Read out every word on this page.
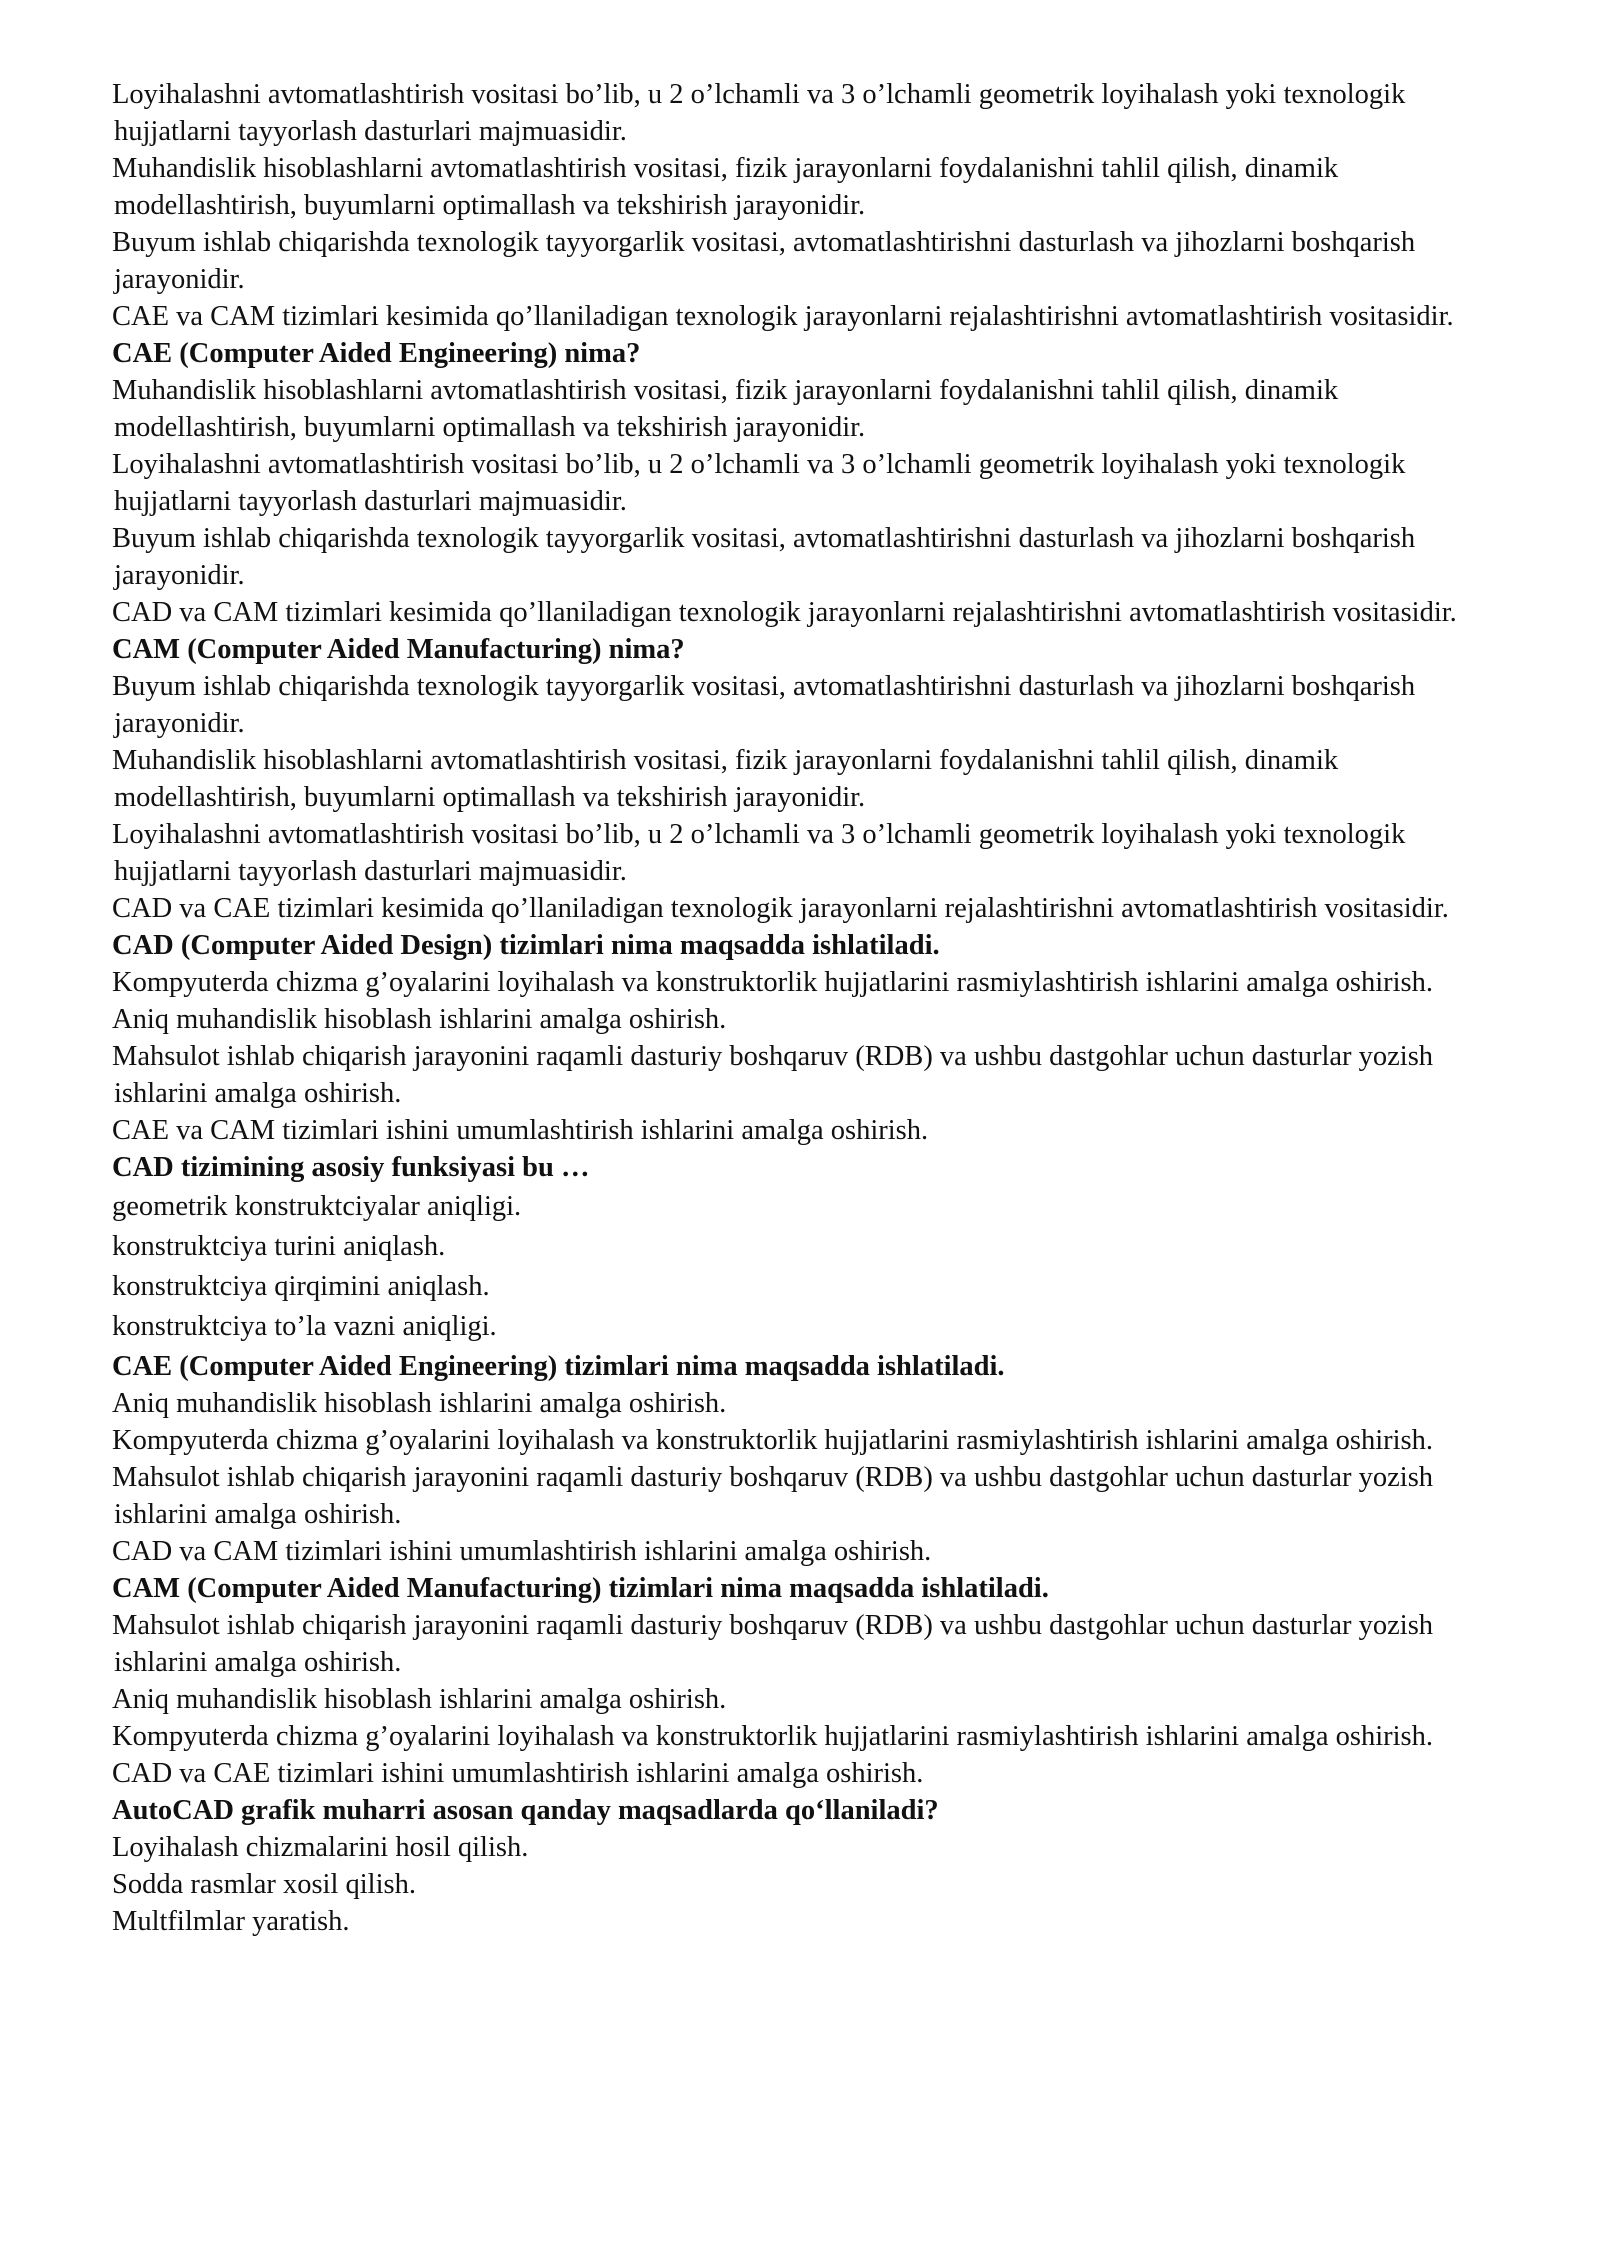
Loyihalashni avtomatlashtirish vositasi bo’lib, u 2 o’lchamli va 3 o’lchamli geometrik loyihalash yoki texnologik hujjatlarni tayyorlash dasturlari majmuasidir.

Muhandislik hisoblashlarni avtomatlashtirish vositasi, fizik jarayonlarni foydalanishni tahlil qilish, dinamik modellashtirish, buyumlarni optimallash va tekshirish jarayonidir.

Buyum ishlab chiqarishda texnologik tayyorgarlik vositasi, avtomatlashtirishni dasturlash va jihozlarni boshqarish jarayonidir.

CAE va CAM tizimlari kesimida qo’llaniladigan texnologik jarayonlarni rejalashtirishni avtomatlashtirish vositasidir.

CAE (Computer Aided Engineering) nima?

Muhandislik hisoblashlarni avtomatlashtirish vositasi, fizik jarayonlarni foydalanishni tahlil qilish, dinamik modellashtirish, buyumlarni optimallash va tekshirish jarayonidir.

Loyihalashni avtomatlashtirish vositasi bo’lib, u 2 o’lchamli va 3 o’lchamli geometrik loyihalash yoki texnologik hujjatlarni tayyorlash dasturlari majmuasidir.

Buyum ishlab chiqarishda texnologik tayyorgarlik vositasi, avtomatlashtirishni dasturlash va jihozlarni boshqarish jarayonidir.

CAD va CAM tizimlari kesimida qo’llaniladigan texnologik jarayonlarni rejalashtirishni avtomatlashtirish vositasidir.

CAM (Computer Aided Manufacturing) nima?

Buyum ishlab chiqarishda texnologik tayyorgarlik vositasi, avtomatlashtirishni dasturlash va jihozlarni boshqarish jarayonidir.

Muhandislik hisoblashlarni avtomatlashtirish vositasi, fizik jarayonlarni foydalanishni tahlil qilish, dinamik modellashtirish, buyumlarni optimallash va tekshirish jarayonidir.

Loyihalashni avtomatlashtirish vositasi bo’lib, u 2 o’lchamli va 3 o’lchamli geometrik loyihalash yoki texnologik hujjatlarni tayyorlash dasturlari majmuasidir.

CAD va CAE tizimlari kesimida qo’llaniladigan texnologik jarayonlarni rejalashtirishni avtomatlashtirish vositasidir.

CAD (Computer Aided Design) tizimlari nima maqsadda ishlatiladi.

Kompyuterda chizma g’oyalarini loyihalash va konstruktorlik hujjatlarini rasmiylashtirish ishlarini amalga oshirish.

Aniq muhandislik hisoblash ishlarini amalga oshirish.

Mahsulot ishlab chiqarish jarayonini raqamli dasturiy boshqaruv (RDB) va ushbu dastgohlar uchun dasturlar yozish ishlarini amalga oshirish.

CAE va CAM tizimlari ishini umumlashtirish ishlarini amalga oshirish.

CAD tizimining asosiy funksiyasi bu …

geometrik konstruktciyalar aniqligi.

konstruktciya turini aniqlash.

konstruktciya qirqimini aniqlash.

konstruktciya to’la vazni aniqligi.

CAE (Computer Aided Engineering) tizimlari nima maqsadda ishlatiladi.

Aniq muhandislik hisoblash ishlarini amalga oshirish.

Kompyuterda chizma g’oyalarini loyihalash va konstruktorlik hujjatlarini rasmiylashtirish ishlarini amalga oshirish.

Mahsulot ishlab chiqarish jarayonini raqamli dasturiy boshqaruv (RDB) va ushbu dastgohlar uchun dasturlar yozish ishlarini amalga oshirish.

CAD va CAM tizimlari ishini umumlashtirish ishlarini amalga oshirish.

CAM (Computer Aided Manufacturing) tizimlari nima maqsadda ishlatiladi.

Mahsulot ishlab chiqarish jarayonini raqamli dasturiy boshqaruv (RDB) va ushbu dastgohlar uchun dasturlar yozish ishlarini amalga oshirish.

Aniq muhandislik hisoblash ishlarini amalga oshirish.

Kompyuterda chizma g’oyalarini loyihalash va konstruktorlik hujjatlarini rasmiylashtirish ishlarini amalga oshirish.

CAD va CAE tizimlari ishini umumlashtirish ishlarini amalga oshirish.

AutoCAD grafik muharri asosan qanday maqsadlarda qo‘llaniladi?

Loyihalash chizmalarini hosil qilish.

Sodda rasmlar xosil qilish.

Multfilmlar yaratish.
